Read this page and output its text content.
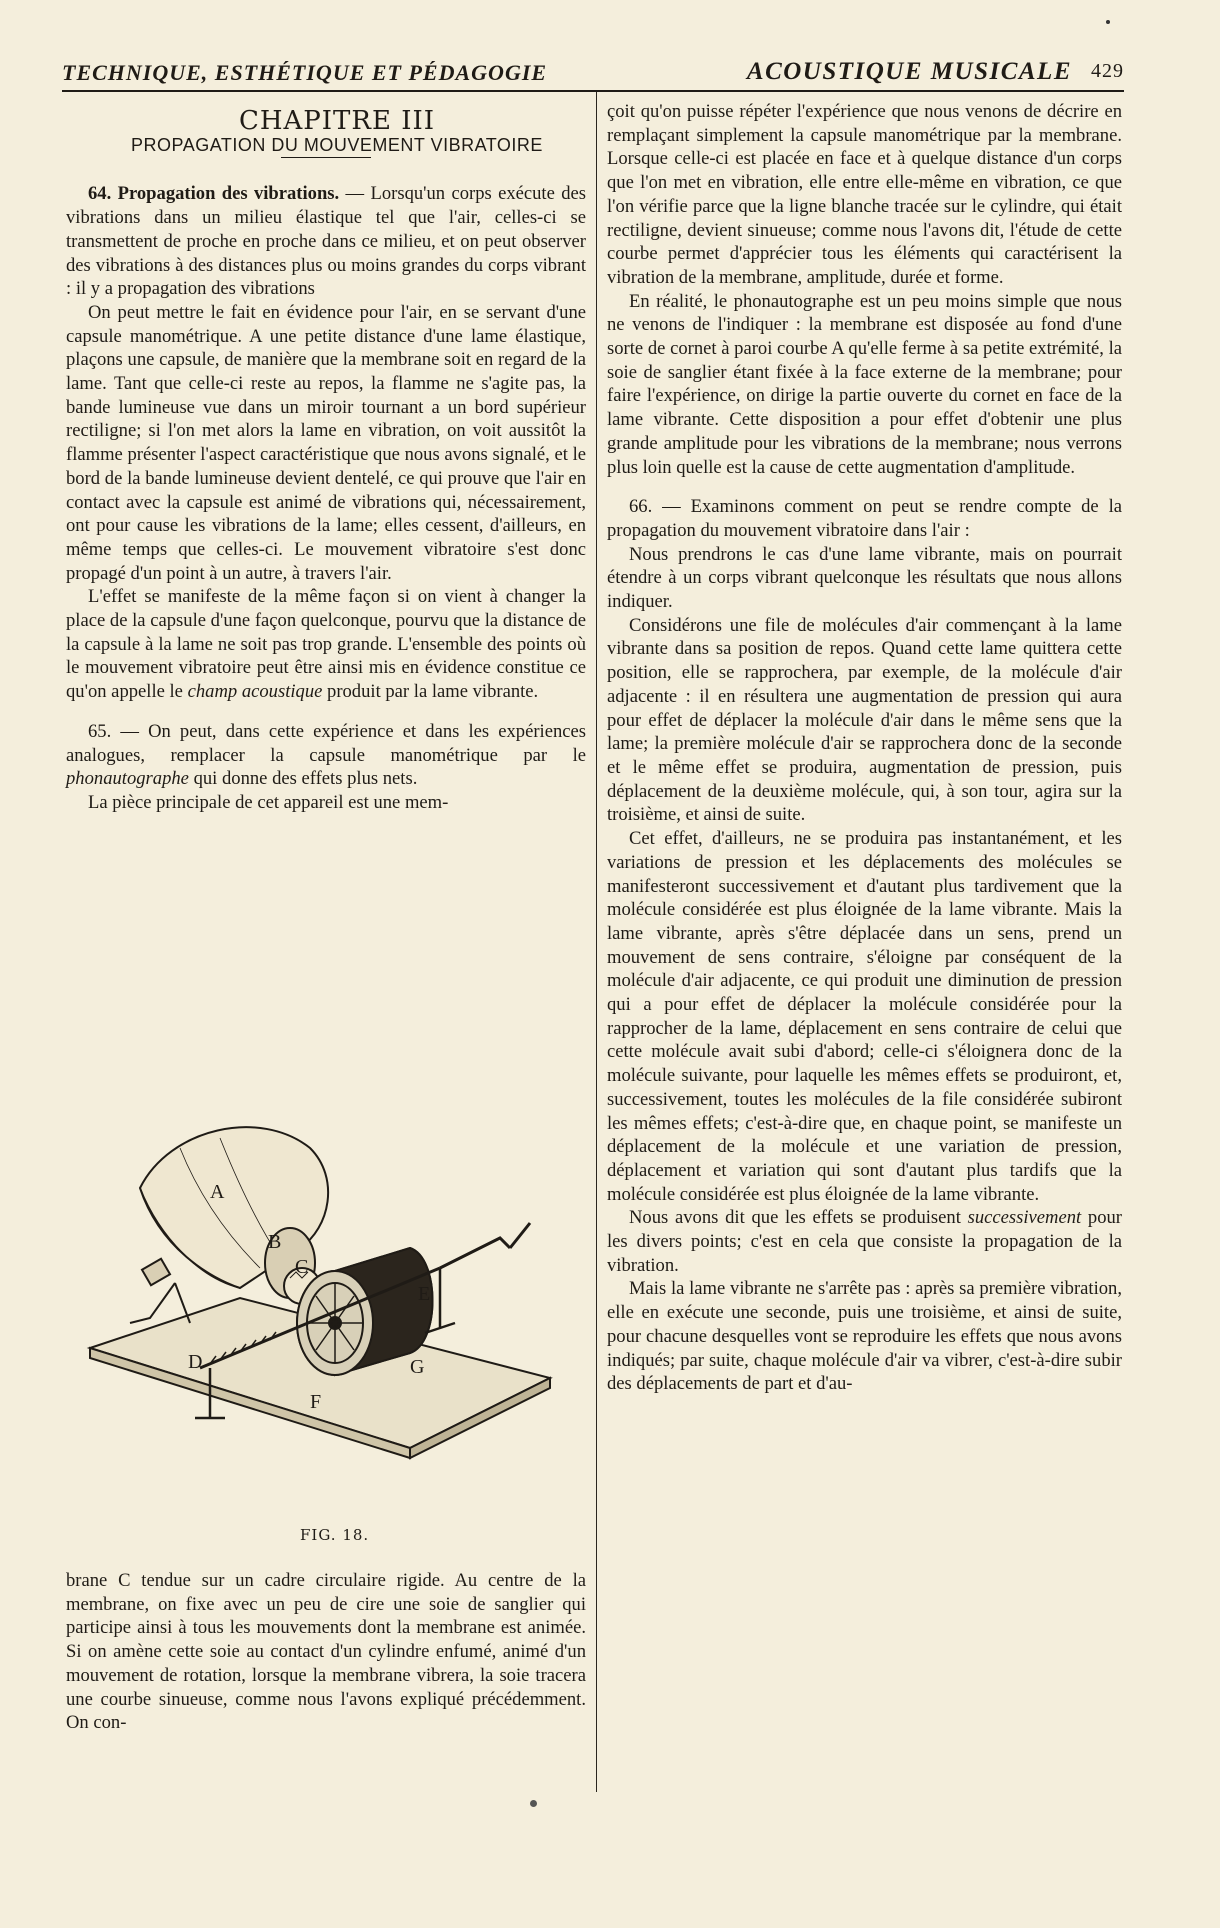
TECHNIQUE, ESTHÉTIQUE ET PÉDAGOGIE	ACOUSTIQUE MUSICALE 429

CHAPITRE III

PROPAGATION DU MOUVEMENT VIBRATOIRE

64. Propagation des vibrations. — Lorsqu'un corps exécute des vibrations dans un milieu élastique tel que l'air, celles-ci se transmettent de proche en proche dans ce milieu, et on peut observer des vibrations à des distances plus ou moins grandes du corps vibrant : il y a propagation des vibrations

On peut mettre le fait en évidence pour l'air, en se servant d'une capsule manométrique. A une petite distance d'une lame élastique, plaçons une capsule, de manière que la membrane soit en regard de la lame. Tant que celle-ci reste au repos, la flamme ne s'agite pas, la bande lumineuse vue dans un miroir tournant a un bord supérieur rectiligne; si l'on met alors la lame en vibration, on voit aussitôt la flamme présenter l'aspect caractéristique que nous avons signalé, et le bord de la bande lumineuse devient dentelé, ce qui prouve que l'air en contact avec la capsule est animé de vibrations qui, nécessairement, ont pour cause les vibrations de la lame; elles cessent, d'ailleurs, en même temps que celles-ci. Le mouvement vibratoire s'est donc propagé d'un point à un autre, à travers l'air.

L'effet se manifeste de la même façon si on vient à changer la place de la capsule d'une façon quelconque, pourvu que la distance de la capsule à la lame ne soit pas trop grande. L'ensemble des points où le mouvement vibratoire peut être ainsi mis en évidence constitue ce qu'on appelle le champ acoustique produit par la lame vibrante.

65. — On peut, dans cette expérience et dans les expériences analogues, remplacer la capsule manométrique par le phonautographe qui donne des effets plus nets.

La pièce principale de cet appareil est une mem-

A
B
C
D
E
F
G
FIG. 18.

brane C tendue sur un cadre circulaire rigide. Au centre de la membrane, on fixe avec un peu de cire une soie de sanglier qui participe ainsi à tous les mouvements dont la membrane est animée. Si on amène cette soie au contact d'un cylindre enfumé, animé d'un mouvement de rotation, lorsque la membrane vibrera, la soie tracera une courbe sinueuse, comme nous l'avons expliqué précédemment. On con-

çoit qu'on puisse répéter l'expérience que nous venons de décrire en remplaçant simplement la capsule manométrique par la membrane. Lorsque celle-ci est placée en face et à quelque distance d'un corps que l'on met en vibration, elle entre elle-même en vibration, ce que l'on vérifie parce que la ligne blanche tracée sur le cylindre, qui était rectiligne, devient sinueuse; comme nous l'avons dit, l'étude de cette courbe permet d'apprécier tous les éléments qui caractérisent la vibration de la membrane, amplitude, durée et forme.

En réalité, le phonautographe est un peu moins simple que nous ne venons de l'indiquer : la membrane est disposée au fond d'une sorte de cornet à paroi courbe A qu'elle ferme à sa petite extrémité, la soie de sanglier étant fixée à la face externe de la membrane; pour faire l'expérience, on dirige la partie ouverte du cornet en face de la lame vibrante. Cette disposition a pour effet d'obtenir une plus grande amplitude pour les vibrations de la membrane; nous verrons plus loin quelle est la cause de cette augmentation d'amplitude.

66. — Examinons comment on peut se rendre compte de la propagation du mouvement vibratoire dans l'air :

Nous prendrons le cas d'une lame vibrante, mais on pourrait étendre à un corps vibrant quelconque les résultats que nous allons indiquer.

Considérons une file de molécules d'air commençant à la lame vibrante dans sa position de repos. Quand cette lame quittera cette position, elle se rapprochera, par exemple, de la molécule d'air adjacente : il en résultera une augmentation de pression qui aura pour effet de déplacer la molécule d'air dans le même sens que la lame; la première molécule d'air se rapprochera donc de la seconde et le même effet se produira, augmentation de pression, puis déplacement de la deuxième molécule, qui, à son tour, agira sur la troisième, et ainsi de suite.

Cet effet, d'ailleurs, ne se produira pas instantanément, et les variations de pression et les déplacements des molécules se manifesteront successivement et d'autant plus tardivement que la molécule considérée est plus éloignée de la lame vibrante. Mais la lame vibrante, après s'être déplacée dans un sens, prend un mouvement de sens contraire, s'éloigne par conséquent de la molécule d'air adjacente, ce qui produit une diminution de pression qui a pour effet de déplacer la molécule considérée pour la rapprocher de la lame, déplacement en sens contraire de celui que cette molécule avait subi d'abord; celle-ci s'éloignera donc de la molécule suivante, pour laquelle les mêmes effets se produiront, et, successivement, toutes les molécules de la file considérée subiront les mêmes effets; c'est-à-dire que, en chaque point, se manifeste un déplacement de la molécule et une variation de pression, déplacement et variation qui sont d'autant plus tardifs que la molécule considérée est plus éloignée de la lame vibrante.

Nous avons dit que les effets se produisent successivement pour les divers points; c'est en cela que consiste la propagation de la vibration.

Mais la lame vibrante ne s'arrête pas : après sa première vibration, elle en exécute une seconde, puis une troisième, et ainsi de suite, pour chacune desquelles vont se reproduire les effets que nous avons indiqués; par suite, chaque molécule d'air va vibrer, c'est-à-dire subir des déplacements de part et d'au-
